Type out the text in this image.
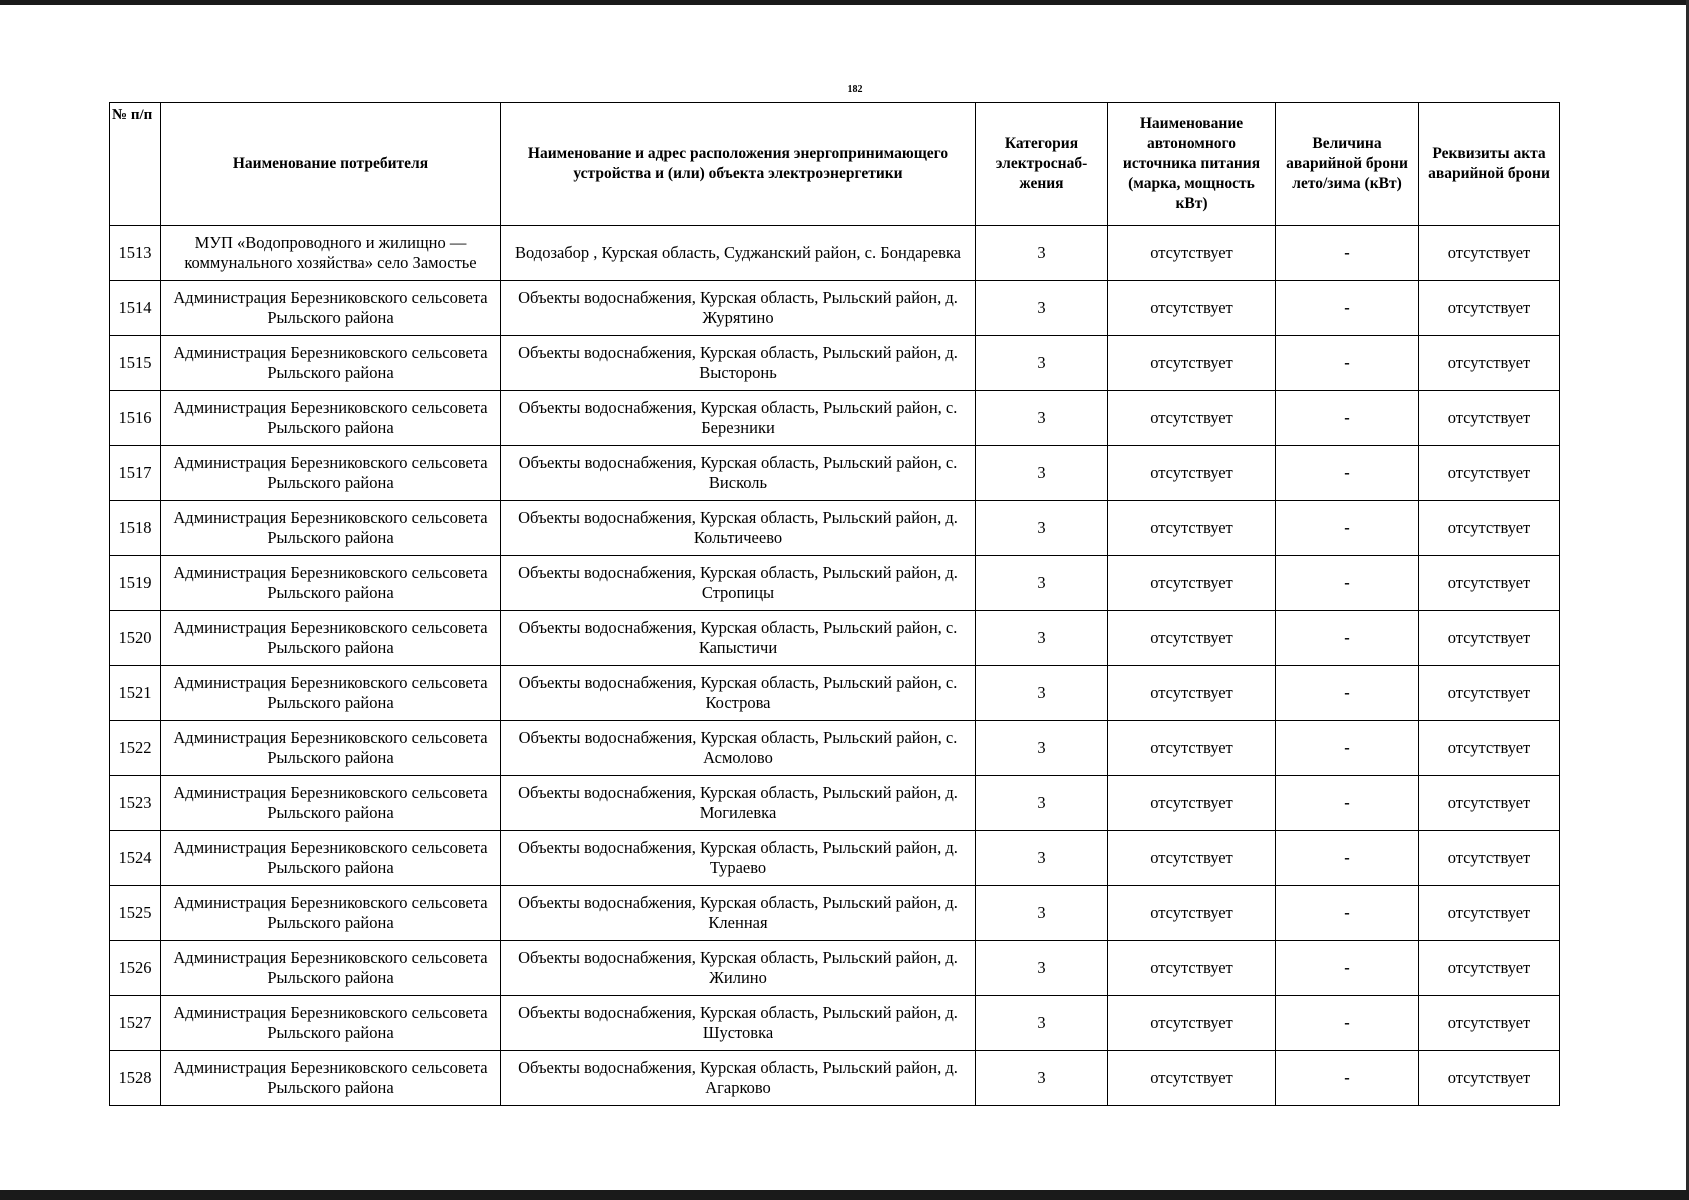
182
№ п/п	Наименование потребителя	Наименование и адрес расположения энергопринимающего устройства и (или) объекта электроэнергетики	Категория электроснаб-жения	Наименование автономного источника питания (марка, мощность кВт)	Величина аварийной брони лето/зима (кВт)	Реквизиты акта аварийной брони
1513	МУП «Водопроводного и жилищно — коммунального хозяйства» село Замостье	Водозабор , Курская область, Суджанский район, с. Бондаревка	3	отсутствует	-	отсутствует
1514	Администрация Березниковского сельсовета Рыльского района	Объекты водоснабжения, Курская область, Рыльский район, д. Журятино	3	отсутствует	-	отсутствует
1515	Администрация Березниковского сельсовета Рыльского района	Объекты водоснабжения, Курская область, Рыльский район, д. Высторонь	3	отсутствует	-	отсутствует
1516	Администрация Березниковского сельсовета Рыльского района	Объекты водоснабжения, Курская область, Рыльский район, с. Березники	3	отсутствует	-	отсутствует
1517	Администрация Березниковского сельсовета Рыльского района	Объекты водоснабжения, Курская область, Рыльский район, с. Висколь	3	отсутствует	-	отсутствует
1518	Администрация Березниковского сельсовета Рыльского района	Объекты водоснабжения, Курская область, Рыльский район, д. Кольтичеево	3	отсутствует	-	отсутствует
1519	Администрация Березниковского сельсовета Рыльского района	Объекты водоснабжения, Курская область, Рыльский район, д. Стропицы	3	отсутствует	-	отсутствует
1520	Администрация Березниковского сельсовета Рыльского района	Объекты водоснабжения, Курская область, Рыльский район, с. Капыстичи	3	отсутствует	-	отсутствует
1521	Администрация Березниковского сельсовета Рыльского района	Объекты водоснабжения, Курская область, Рыльский район, с. Кострова	3	отсутствует	-	отсутствует
1522	Администрация Березниковского сельсовета Рыльского района	Объекты водоснабжения, Курская область, Рыльский район, с. Асмолово	3	отсутствует	-	отсутствует
1523	Администрация Березниковского сельсовета Рыльского района	Объекты водоснабжения, Курская область, Рыльский район, д. Могилевка	3	отсутствует	-	отсутствует
1524	Администрация Березниковского сельсовета Рыльского района	Объекты водоснабжения, Курская область, Рыльский район, д. Тураево	3	отсутствует	-	отсутствует
1525	Администрация Березниковского сельсовета Рыльского района	Объекты водоснабжения, Курская область, Рыльский район, д. Кленная	3	отсутствует	-	отсутствует
1526	Администрация Березниковского сельсовета Рыльского района	Объекты водоснабжения, Курская область, Рыльский район, д. Жилино	3	отсутствует	-	отсутствует
1527	Администрация Березниковского сельсовета Рыльского района	Объекты водоснабжения, Курская область, Рыльский район, д. Шустовка	3	отсутствует	-	отсутствует
1528	Администрация Березниковского сельсовета Рыльского района	Объекты водоснабжения, Курская область, Рыльский район, д. Агарково	3	отсутствует	-	отсутствует
